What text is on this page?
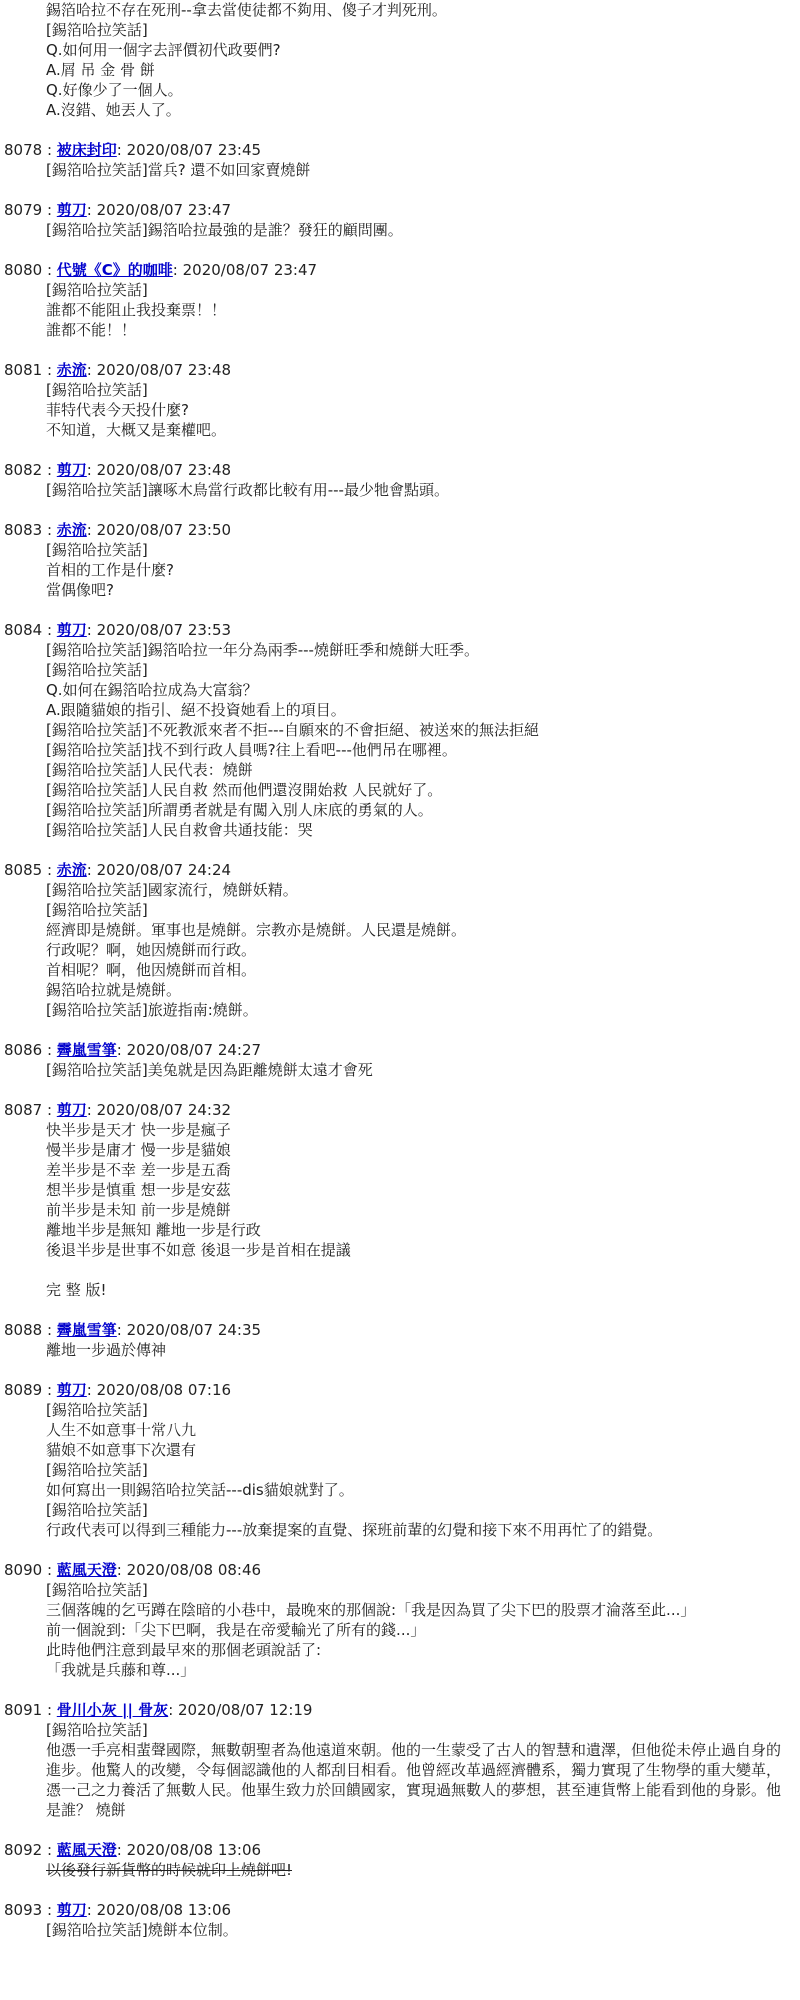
錫箔哈拉不存在死刑--拿去當使徒都不夠用、傻子才判死刑。
[錫箔哈拉笑話]
Q.如何用一個字去評價初代政要們?
A.屑 吊 金 骨 餅
Q.好像少了一個人。
A.沒錯、她丟人了。
8078 : 被床封印: 2020/08/07 23:45
[錫箔哈拉笑話]當兵? 還不如回家賣燒餅
8079 : 剪刀: 2020/08/07 23:47
[錫箔哈拉笑話]錫箔哈拉最強的是誰？發狂的顧問團。
8080 : 代號《C》的咖啡: 2020/08/07 23:47
[錫箔哈拉笑話]
誰都不能阻止我投棄票！！
誰都不能！！
8081 : 赤流: 2020/08/07 23:48
[錫箔哈拉笑話]
菲特代表今天投什麼?
不知道，大概又是棄權吧。
8082 : 剪刀: 2020/08/07 23:48
[錫箔哈拉笑話]讓啄木鳥當行政都比較有用---最少牠會點頭。
8083 : 赤流: 2020/08/07 23:50
[錫箔哈拉笑話]
首相的工作是什麼?
當偶像吧?
8084 : 剪刀: 2020/08/07 23:53
[錫箔哈拉笑話]錫箔哈拉一年分為兩季---燒餅旺季和燒餅大旺季。
[錫箔哈拉笑話]
Q.如何在錫箔哈拉成為大富翁？
A.跟隨貓娘的指引、絕不投資她看上的項目。
[錫箔哈拉笑話]不死教派來者不拒---自願來的不會拒絕、被送來的無法拒絕
[錫箔哈拉笑話]找不到行政人員嗎?往上看吧---他們吊在哪裡。
[錫箔哈拉笑話]人民代表：燒餅
[錫箔哈拉笑話]人民自救 然而他們還沒開始救 人民就好了。
[錫箔哈拉笑話]所謂勇者就是有闖入別人床底的勇氣的人。
[錫箔哈拉笑話]人民自救會共通技能：哭
8085 : 赤流: 2020/08/07 24:24
[錫箔哈拉笑話]國家流行，燒餅妖精。
[錫箔哈拉笑話]
經濟即是燒餅。軍事也是燒餅。宗教亦是燒餅。人民還是燒餅。
行政呢？啊，她因燒餅而行政。
首相呢？啊，他因燒餅而首相。
錫箔哈拉就是燒餅。
[錫箔哈拉笑話]旅遊指南:燒餅。
8086 : 霽嵐雪箏: 2020/08/07 24:27
[錫箔哈拉笑話]美兔就是因為距離燒餅太遠才會死
8087 : 剪刀: 2020/08/07 24:32
快半步是天才 快一步是瘋子
慢半步是庸才 慢一步是貓娘
差半步是不幸 差一步是五喬
想半步是慎重 想一步是安茲
前半步是未知 前一步是燒餅
離地半步是無知 離地一步是行政
後退半步是世事不如意 後退一步是首相在提議
完 整 版!
8088 : 霽嵐雪箏: 2020/08/07 24:35
離地一步過於傳神
8089 : 剪刀: 2020/08/08 07:16
[錫箔哈拉笑話]
人生不如意事十常八九
貓娘不如意事下次還有
[錫箔哈拉笑話]
如何寫出一則錫箔哈拉笑話---dis貓娘就對了。
[錫箔哈拉笑話]
行政代表可以得到三種能力---放棄提案的直覺、探班前輩的幻覺和接下來不用再忙了的錯覺。
8090 : 藍風天澄: 2020/08/08 08:46
[錫箔哈拉笑話]
三個落魄的乞丐蹲在陰暗的小巷中，最晚來的那個說:「我是因為買了尖下巴的股票才淪落至此...」
前一個說到:「尖下巴啊，我是在帝愛輸光了所有的錢...」
此時他們注意到最早來的那個老頭說話了:
「我就是兵藤和尊...」
8091 : 骨川小灰 || 骨灰: 2020/08/07 12:19
[錫箔哈拉笑話]
他憑一手亮相蜚聲國際，無數朝聖者為他遠道來朝。他的一生蒙受了古人的智慧和遺澤，但他從未停止過自身的進步。他驚人的改變，令每個認識他的人都刮目相看。他曾經改革過經濟體系，獨力實現了生物學的重大變革，憑一己之力養活了無數人民。他畢生致力於回饋國家，實現過無數人的夢想，甚至連貨幣上能看到他的身影。他是誰？ 燒餅
8092 : 藍風天澄: 2020/08/08 13:06
以後發行新貨幣的時候就印上燒餅吧!
8093 : 剪刀: 2020/08/08 13:06
[錫箔哈拉笑話]燒餅本位制。
